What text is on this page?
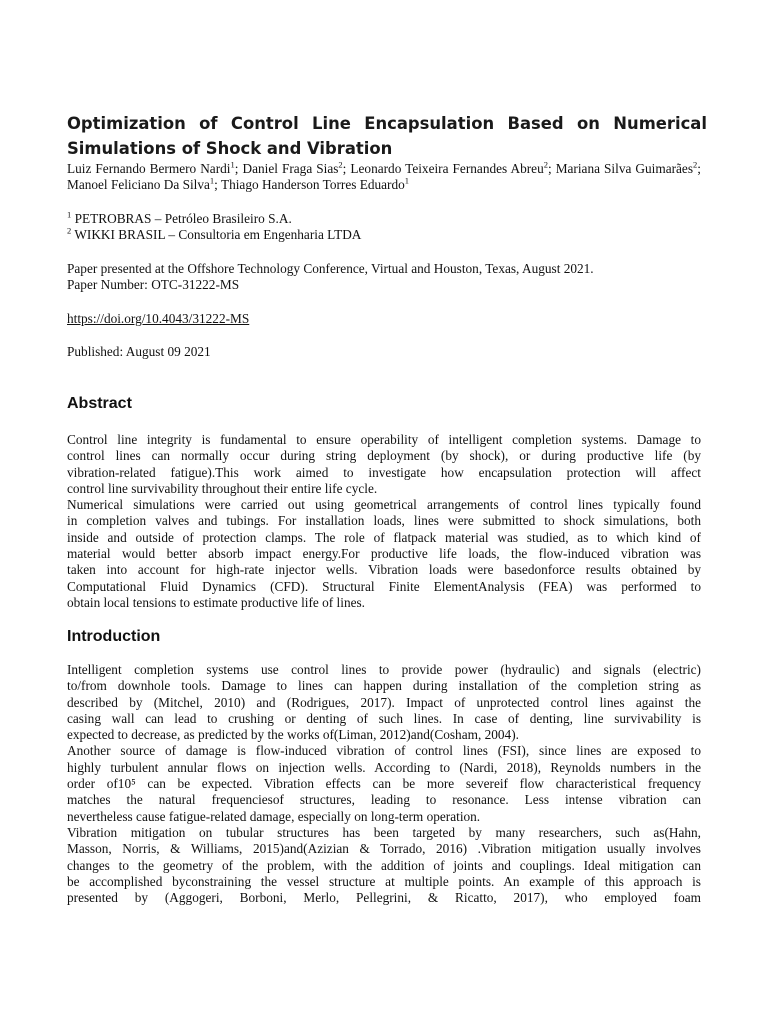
Optimization of Control Line Encapsulation Based on Numerical Simulations of Shock and Vibration
Luiz Fernando Bermero Nardi$^1$; Daniel Fraga Sias$^2$; Leonardo Teixeira Fernandes Abreu$^2$; Mariana Silva Guimarães$^2$; Manoel Feliciano Da Silva$^1$; Thiago Handerson Torres Eduardo$^1$
$^1$ PETROBRAS – Petróleo Brasileiro S.A.
$^2$ WIKKI BRASIL – Consultoria em Engenharia LTDA
Paper presented at the Offshore Technology Conference, Virtual and Houston, Texas, August 2021.
Paper Number: OTC-31222-MS
https://doi.org/10.4043/31222-MS
Published: August 09 2021
Abstract
Control line integrity is fundamental to ensure operability of intelligent completion systems. Damage to
control lines can normally occur during string deployment (by shock), or during productive life (by
vibration-related fatigue).This work aimed to investigate how encapsulation protection will affect
control line survivability throughout their entire life cycle.
Numerical simulations were carried out using geometrical arrangements of control lines typically found
in completion valves and tubings. For installation loads, lines were submitted to shock simulations, both
inside and outside of protection clamps. The role of flatpack material was studied, as to which kind of
material would better absorb impact energy.For productive life loads, the flow-induced vibration was
taken into account for high-rate injector wells. Vibration loads were basedonforce results obtained by
Computational Fluid Dynamics (CFD). Structural Finite ElementAnalysis (FEA) was performed to
obtain local tensions to estimate productive life of lines.
Introduction
Intelligent completion systems use control lines to provide power (hydraulic) and signals (electric)
to/from downhole tools. Damage to lines can happen during installation of the completion string as
described by (Mitchel, 2010) and (Rodrigues, 2017). Impact of unprotected control lines against the
casing wall can lead to crushing or denting of such lines. In case of denting, line survivability is
expected to decrease, as predicted by the works of(Liman, 2012)and(Cosham, 2004).
Another source of damage is flow-induced vibration of control lines (FSI), since lines are exposed to
highly turbulent annular flows on injection wells. According to (Nardi, 2018), Reynolds numbers in the
order of10⁵ can be expected. Vibration effects can be more severeif flow characteristical frequency
matches the natural frequenciesof structures, leading to resonance. Less intense vibration can
nevertheless cause fatigue-related damage, especially on long-term operation.
Vibration mitigation on tubular structures has been targeted by many researchers, such as(Hahn,
Masson, Norris, & Williams, 2015)and(Azizian & Torrado, 2016) .Vibration mitigation usually involves
changes to the geometry of the problem, with the addition of joints and couplings. Ideal mitigation can
be accomplished byconstraining the vessel structure at multiple points. An example of this approach is
presented by (Aggogeri, Borboni, Merlo, Pellegrini, & Ricatto, 2017), who employed foam
